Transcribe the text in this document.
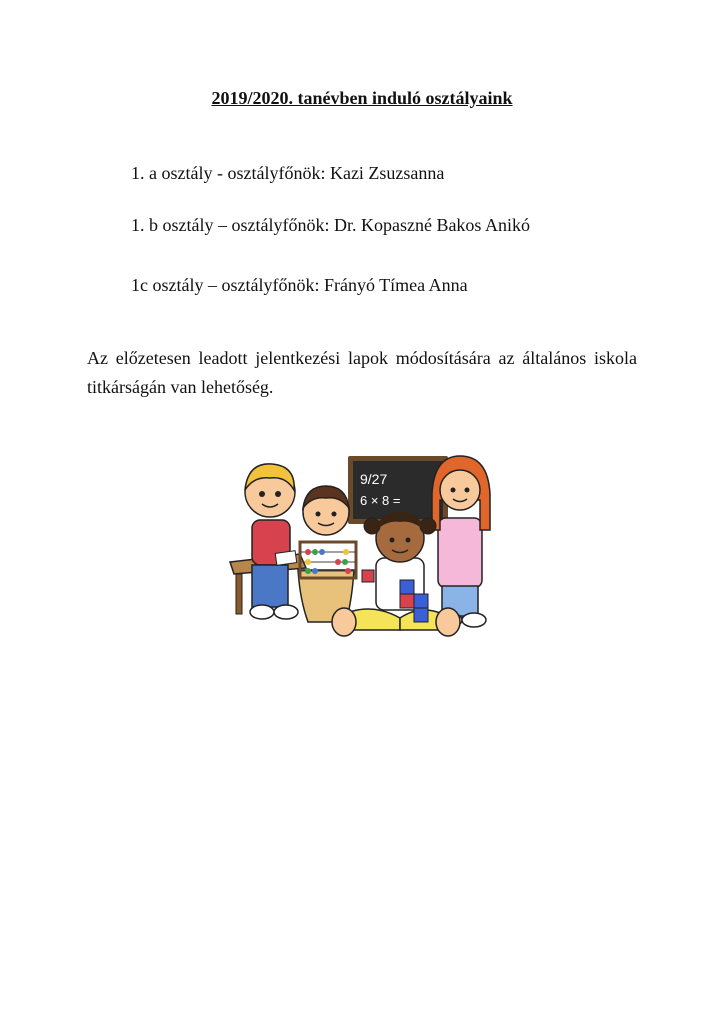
2019/2020. tanévben induló osztályaink
1. a osztály - osztályfőnök: Kazi Zsuzsanna
1. b osztály – osztályfőnök: Dr. Kopaszné Bakos Anikó
1c osztály – osztályfőnök: Frányó Tímea Anna
Az előzetesen leadott jelentkezési lapok módosítására az általános iskola titkárságán van lehetőség.
9/27
6 × 8 =
